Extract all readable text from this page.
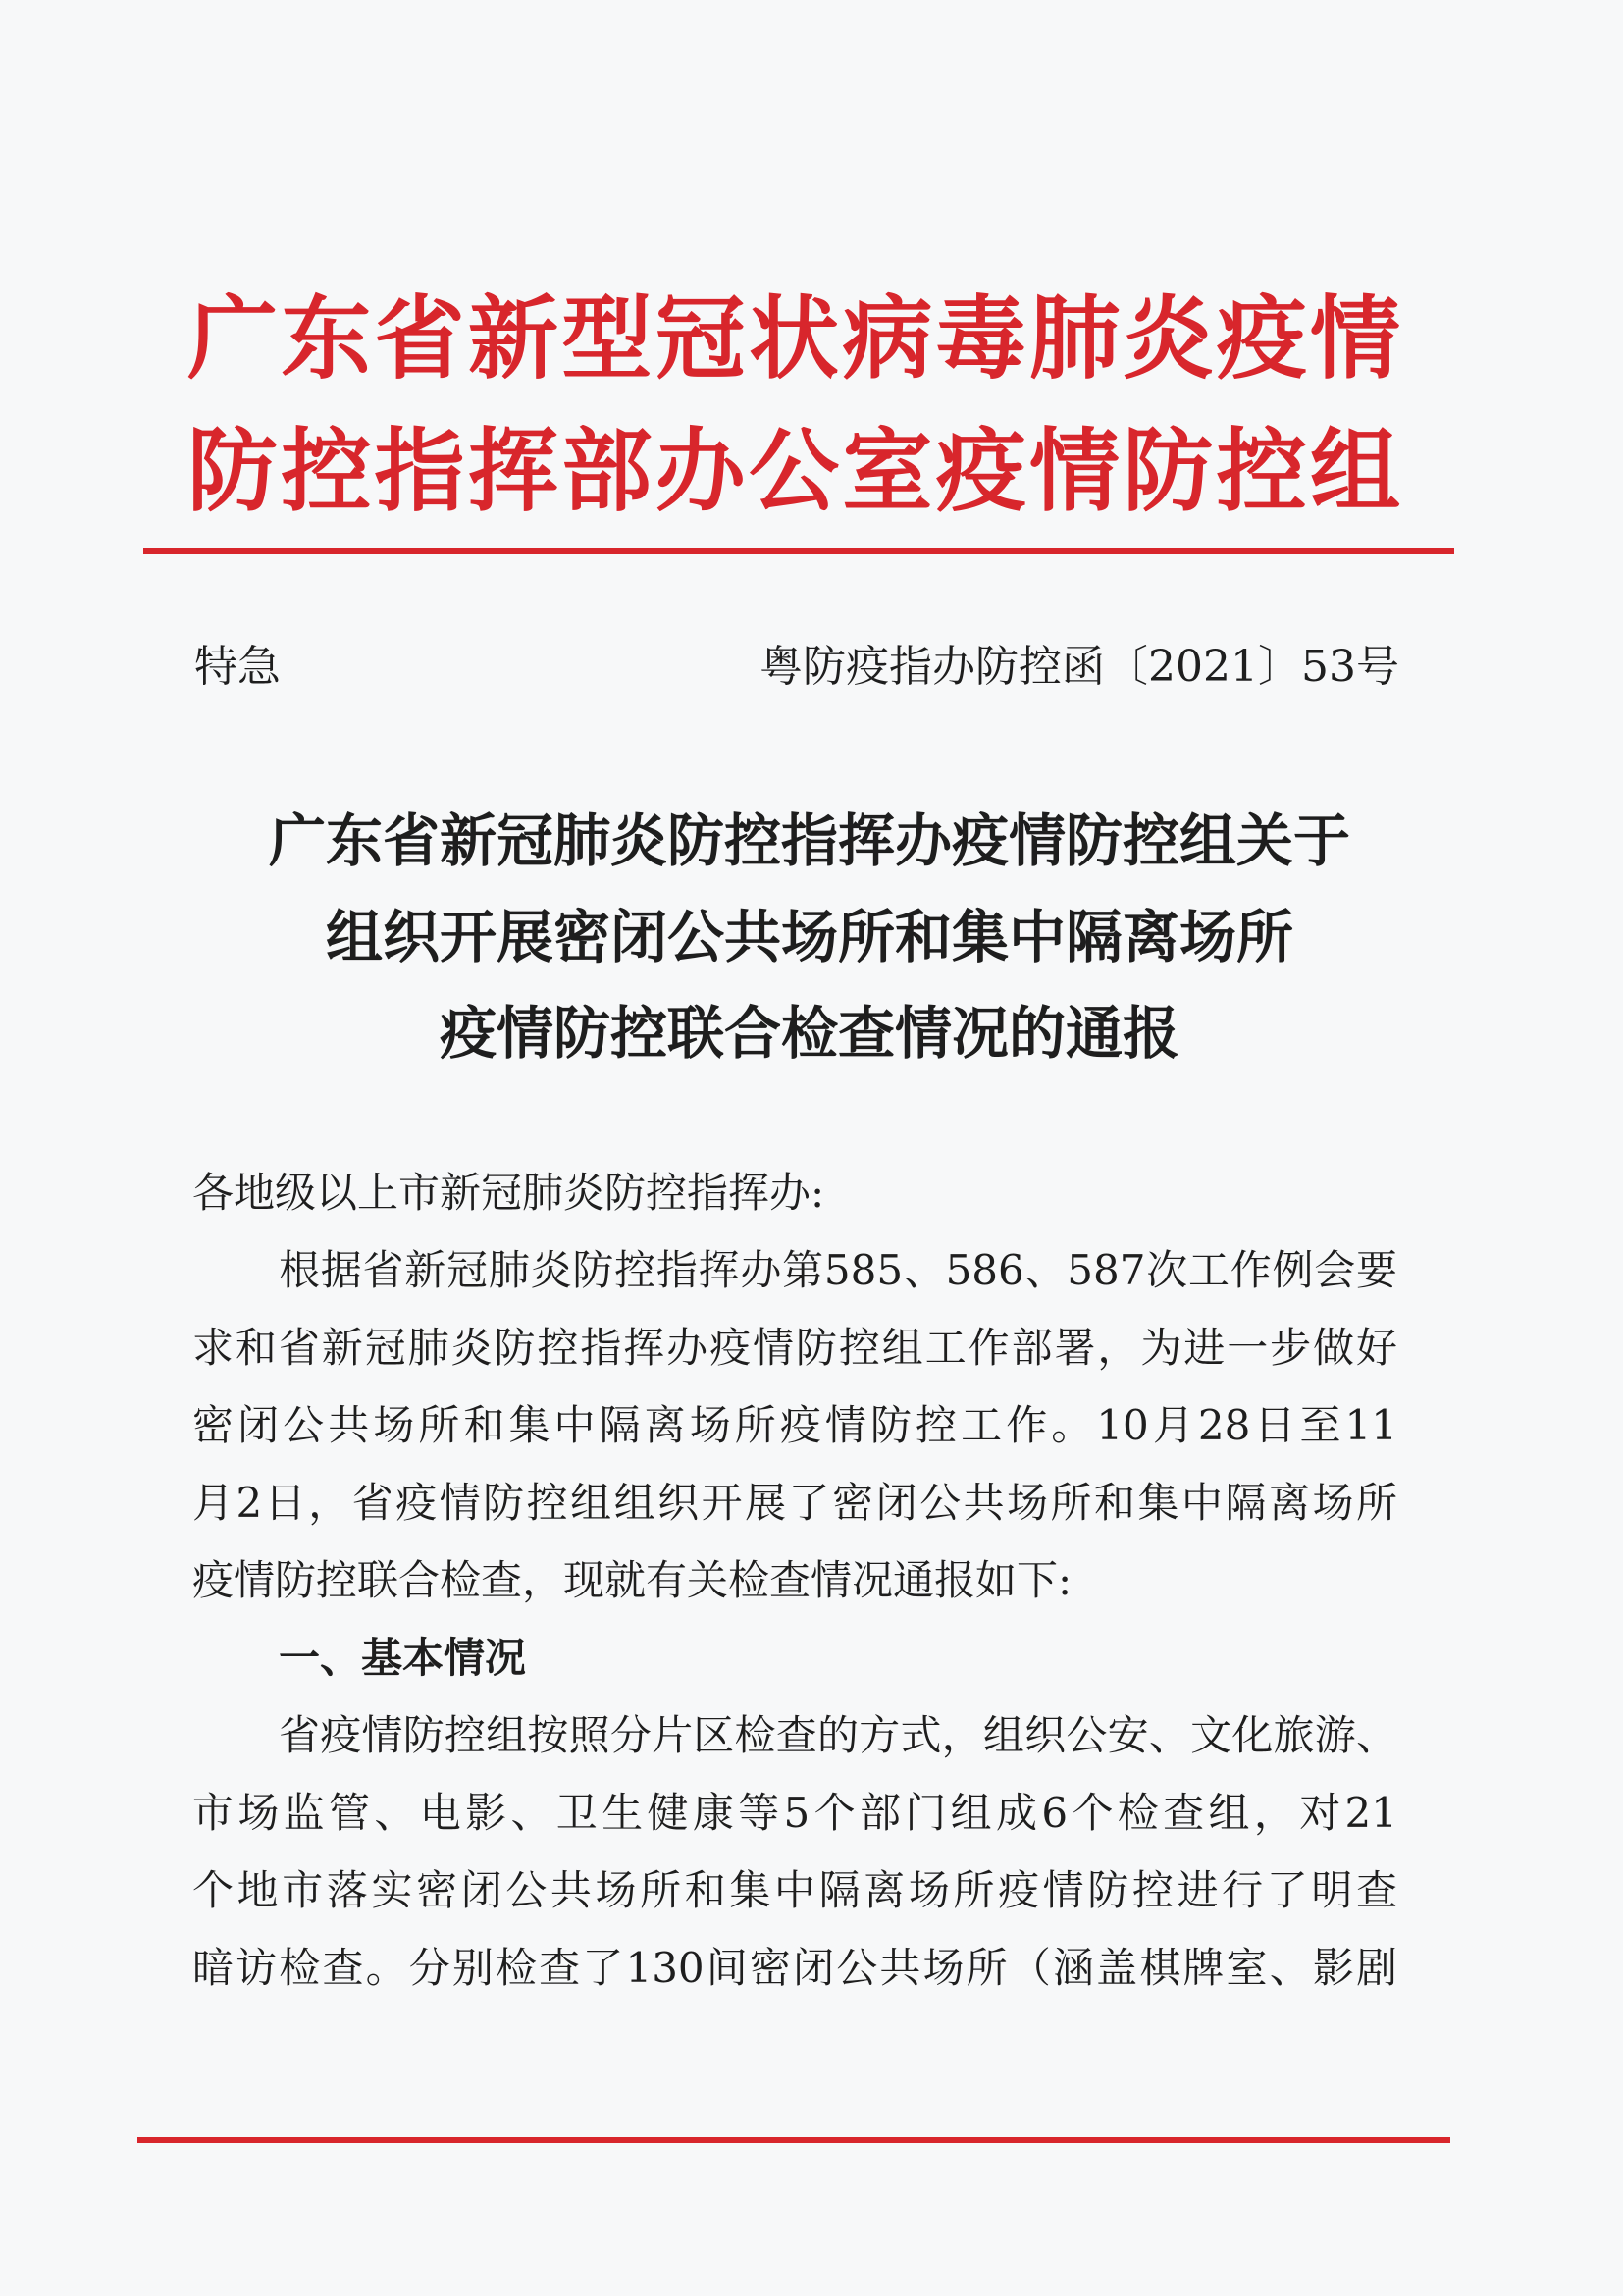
广东省新型冠状病毒肺炎疫情
防控指挥部办公室疫情防控组
特急	粤防疫指办防控函〔2021〕53号
广东省新冠肺炎防控指挥办疫情防控组关于
组织开展密闭公共场所和集中隔离场所
疫情防控联合检查情况的通报
各地级以上市新冠肺炎防控指挥办:
根据省新冠肺炎防控指挥办第585、586、587次工作例会要
求和省新冠肺炎防控指挥办疫情防控组工作部署，为进一步做好
密闭公共场所和集中隔离场所疫情防控工作。10月28日至11
月2日，省疫情防控组组织开展了密闭公共场所和集中隔离场所
疫情防控联合检查，现就有关检查情况通报如下:
一、基本情况
省疫情防控组按照分片区检查的方式，组织公安、文化旅游、
市场监管、电影、卫生健康等5个部门组成6个检查组，对21
个地市落实密闭公共场所和集中隔离场所疫情防控进行了明查
暗访检查。分别检查了130间密闭公共场所（涵盖棋牌室、影剧
